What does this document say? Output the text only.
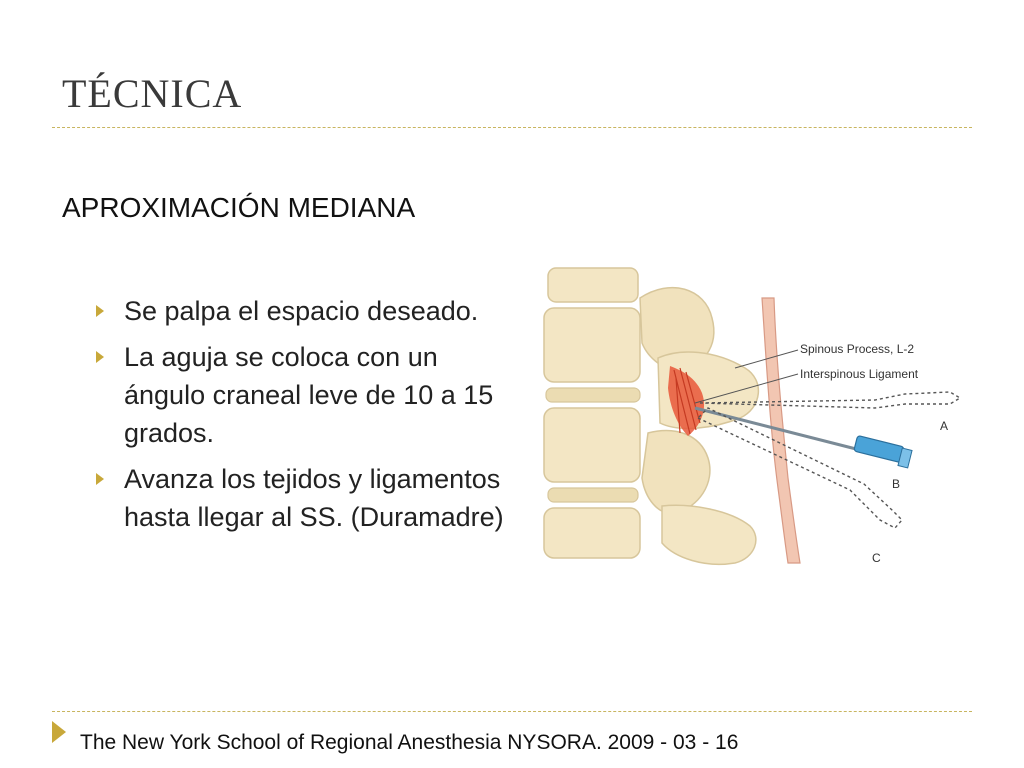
TÉCNICA
APROXIMACIÓN MEDIANA
Se palpa el espacio deseado.
La aguja se coloca con un ángulo craneal leve de 10 a 15 grados.
Avanza los tejidos y ligamentos hasta llegar al SS. (Duramadre)
Spinous Process, L-2
Interspinous Ligament
A
B
C
The New York School of Regional Anesthesia NYSORA. 2009 - 03 - 16
